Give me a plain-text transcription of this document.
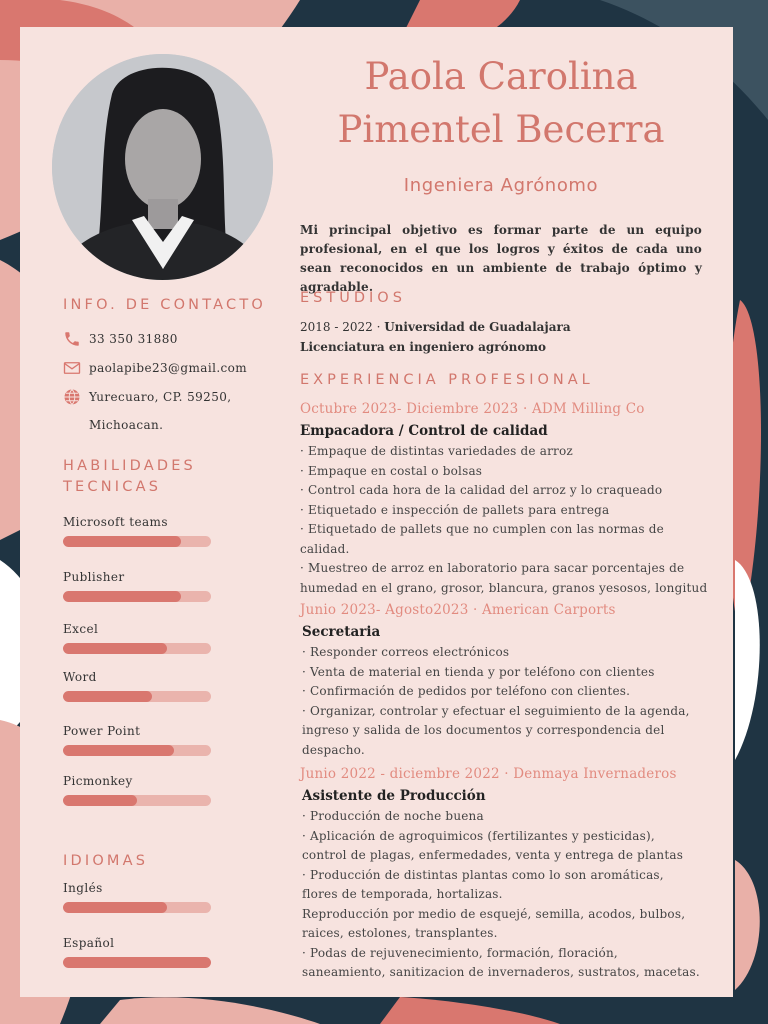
INFO. DE CONTACTO
33 350 31880
paolapibe23@gmail.com
Yurecuaro, CP. 59250,
Michoacan.
HABILIDADES
TECNICAS
Microsoft teams
Publisher
Excel
Word
Power Point
Picmonkey
IDIOMAS
Inglés
Español
Paola Carolina
Pimentel Becerra
Ingeniera Agrónomo
Mi principal objetivo es formar parte de un equipo profesional, en el que los logros y éxitos de cada uno sean reconocidos en un ambiente de trabajo óptimo y agradable.
ESTUDIOS
2018 - 2022 · Universidad de Guadalajara
Licenciatura en ingeniero agrónomo
EXPERIENCIA PROFESIONAL
Octubre 2023- Diciembre 2023 · ADM Milling Co
Empacadora / Control de calidad
· Empaque de distintas variedades de arroz
· Empaque en costal o bolsas
· Control cada hora de la calidad del arroz y lo craqueado
· Etiquetado e inspección de pallets para entrega
· Etiquetado de pallets que no cumplen con las normas de
calidad.
· Muestreo de arroz en laboratorio para sacar porcentajes de
humedad en el grano, grosor, blancura, granos yesosos, longitud
Junio 2023- Agosto2023 · American Carports
Secretaria
· Responder correos electrónicos
· Venta de material en tienda y por teléfono con clientes
· Confirmación de pedidos por teléfono con clientes.
· Organizar, controlar y efectuar el seguimiento de la agenda,
ingreso y salida de los documentos y correspondencia del
despacho.
Junio 2022 - diciembre 2022 · Denmaya Invernaderos
Asistente de Producción
· Producción de noche buena
· Aplicación de agroquimicos (fertilizantes y pesticidas),
control de plagas, enfermedades, venta y entrega de plantas
· Producción de distintas plantas como lo son aromáticas,
flores de temporada, hortalizas.
Reproducción por medio de esquejé, semilla, acodos, bulbos,
raices, estolones, transplantes.
· Podas de rejuvenecimiento, formación, floración,
saneamiento, sanitizacion de invernaderos, sustratos, macetas.
